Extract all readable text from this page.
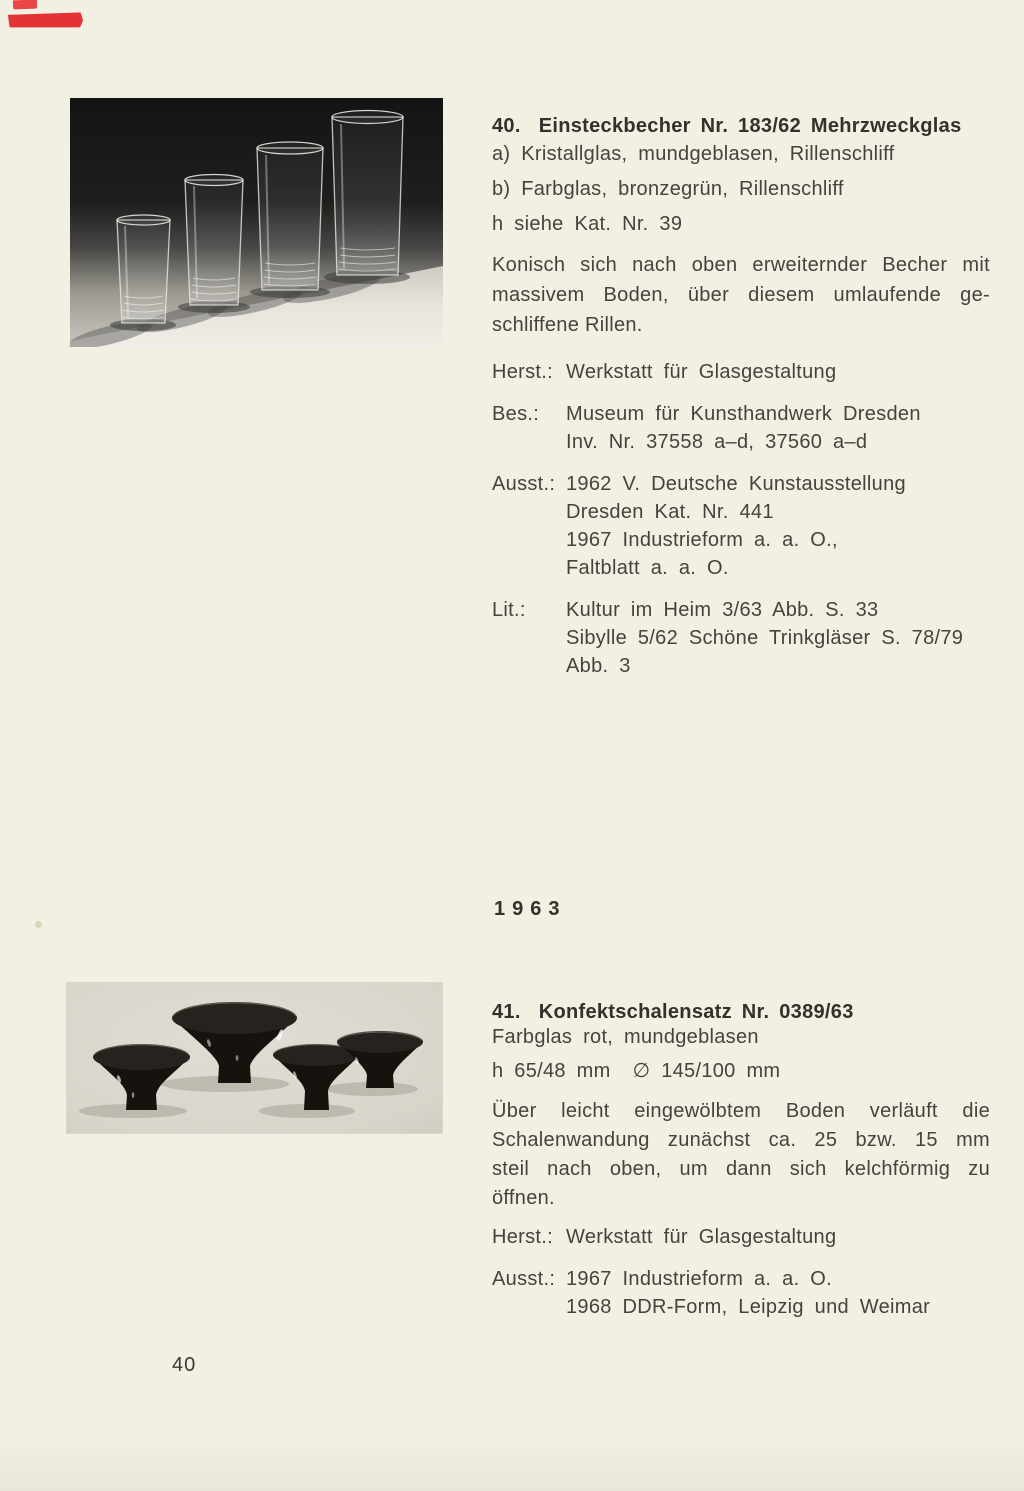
40. Einsteckbecher Nr. 183/62 Mehrzweckglas
a) Kristallglas, mundgeblasen, Rillenschliff
b) Farbglas, bronzegrün, Rillenschliff
h siehe Kat. Nr. 39
Konisch sich nach oben erweiternder Becher mit
massivem Boden, über diesem umlaufende ge-
schliffene Rillen.
Herst.: Werkstatt für Glasgestaltung
Bes.:	Museum für Kunsthandwerk Dresden
Inv. Nr. 37558 a–d, 37560 a–d
Ausst.: 1962 V. Deutsche Kunstausstellung
Dresden Kat. Nr. 441
1967 Industrieform a. a. O.,
Faltblatt a. a. O.
Lit.:	Kultur im Heim 3/63 Abb. S. 33
Sibylle 5/62 Schöne Trinkgläser S. 78/79
Abb. 3
1963
41. Konfektschalensatz Nr. 0389/63
Farbglas rot, mundgeblasen
h 65/48 mm ∅ 145/100 mm
Über leicht eingewölbtem Boden verläuft die
Schalenwandung zunächst ca. 25 bzw. 15 mm
steil nach oben, um dann sich kelchförmig zu
öffnen.
Herst.: Werkstatt für Glasgestaltung
Ausst.: 1967 Industrieform a. a. O.
1968 DDR-Form, Leipzig und Weimar
40
